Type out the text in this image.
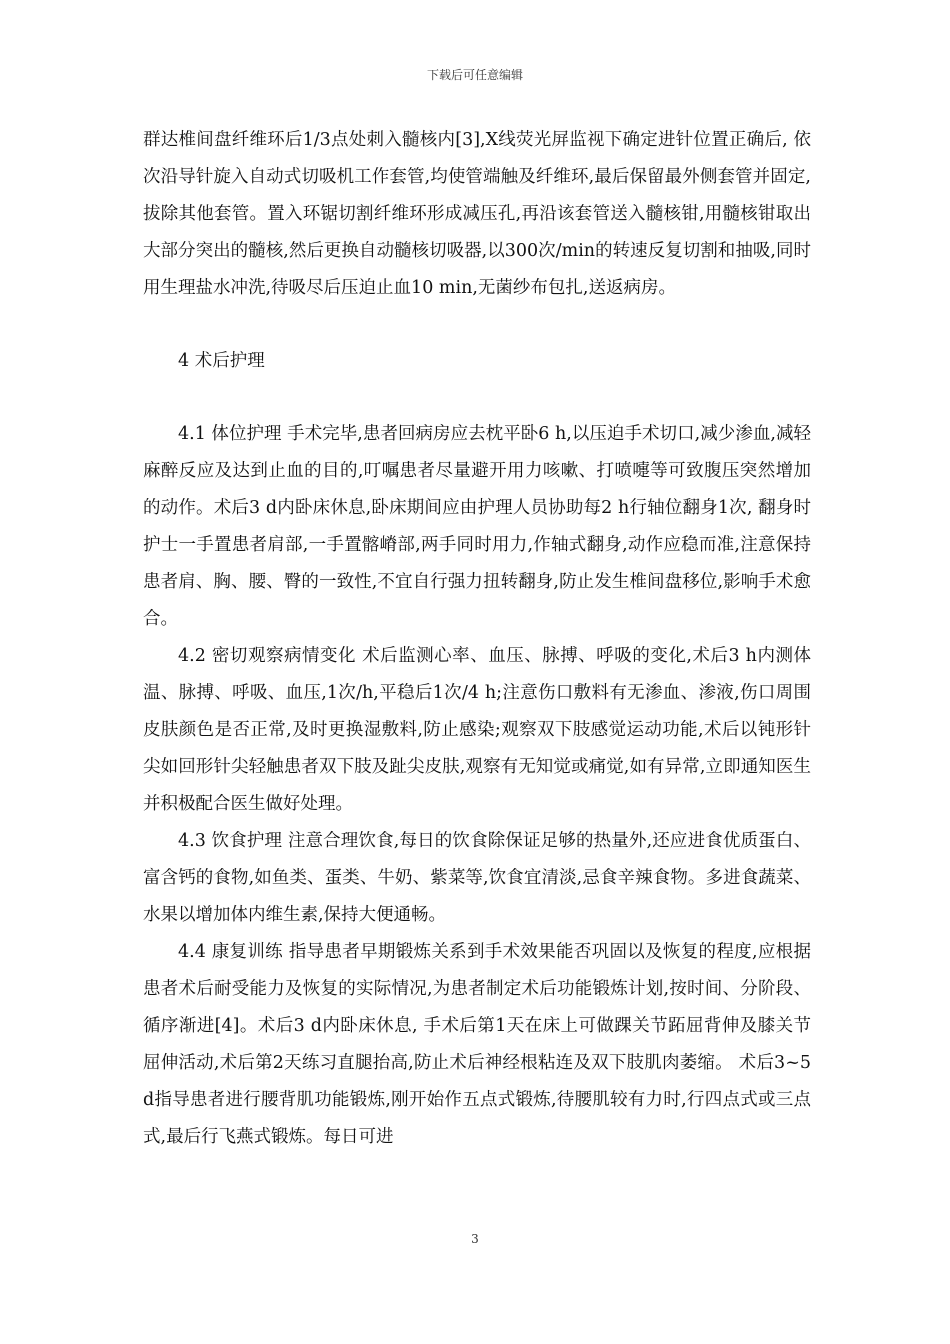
下载后可任意编辑

群达椎间盘纤维环后1/3点处刺入髓核内[3],X线荧光屏监视下确定进针位置正确后, 依次沿导针旋入自动式切吸机工作套管,均使管端触及纤维环,最后保留最外侧套管并固定,拔除其他套管。置入环锯切割纤维环形成减压孔,再沿该套管送入髓核钳,用髓核钳取出大部分突出的髓核,然后更换自动髓核切吸器,以300次/min的转速反复切割和抽吸,同时用生理盐水冲洗,待吸尽后压迫止血10 min,无菌纱布包扎,送返病房。

4 术后护理

4.1 体位护理 手术完毕,患者回病房应去枕平卧6 h,以压迫手术切口,减少渗血,减轻麻醉反应及达到止血的目的,叮嘱患者尽量避开用力咳嗽、打喷嚏等可致腹压突然增加的动作。术后3 d内卧床休息,卧床期间应由护理人员协助每2 h行轴位翻身1次, 翻身时护士一手置患者肩部,一手置髂嵴部,两手同时用力,作轴式翻身,动作应稳而准,注意保持患者肩、胸、腰、臀的一致性,不宜自行强力扭转翻身,防止发生椎间盘移位,影响手术愈合。

4.2 密切观察病情变化 术后监测心率、血压、脉搏、呼吸的变化,术后3 h内测体温、脉搏、呼吸、血压,1次/h,平稳后1次/4 h;注意伤口敷料有无渗血、渗液,伤口周围皮肤颜色是否正常,及时更换湿敷料,防止感染;观察双下肢感觉运动功能,术后以钝形针尖如回形针尖轻触患者双下肢及趾尖皮肤,观察有无知觉或痛觉,如有异常,立即通知医生并积极配合医生做好处理。

4.3 饮食护理 注意合理饮食,每日的饮食除保证足够的热量外,还应进食优质蛋白、富含钙的食物,如鱼类、蛋类、牛奶、紫菜等,饮食宜清淡,忌食辛辣食物。多进食蔬菜、水果以增加体内维生素,保持大便通畅。

4.4 康复训练 指导患者早期锻炼关系到手术效果能否巩固以及恢复的程度,应根据患者术后耐受能力及恢复的实际情况,为患者制定术后功能锻炼计划,按时间、分阶段、循序渐进[4]。术后3 d内卧床休息, 手术后第1天在床上可做踝关节跖屈背伸及膝关节屈伸活动,术后第2天练习直腿抬高,防止术后神经根粘连及双下肢肌肉萎缩。 术后3~5 d指导患者进行腰背肌功能锻炼,刚开始作五点式锻炼,待腰肌较有力时,行四点式或三点式,最后行飞燕式锻炼。每日可进

3
